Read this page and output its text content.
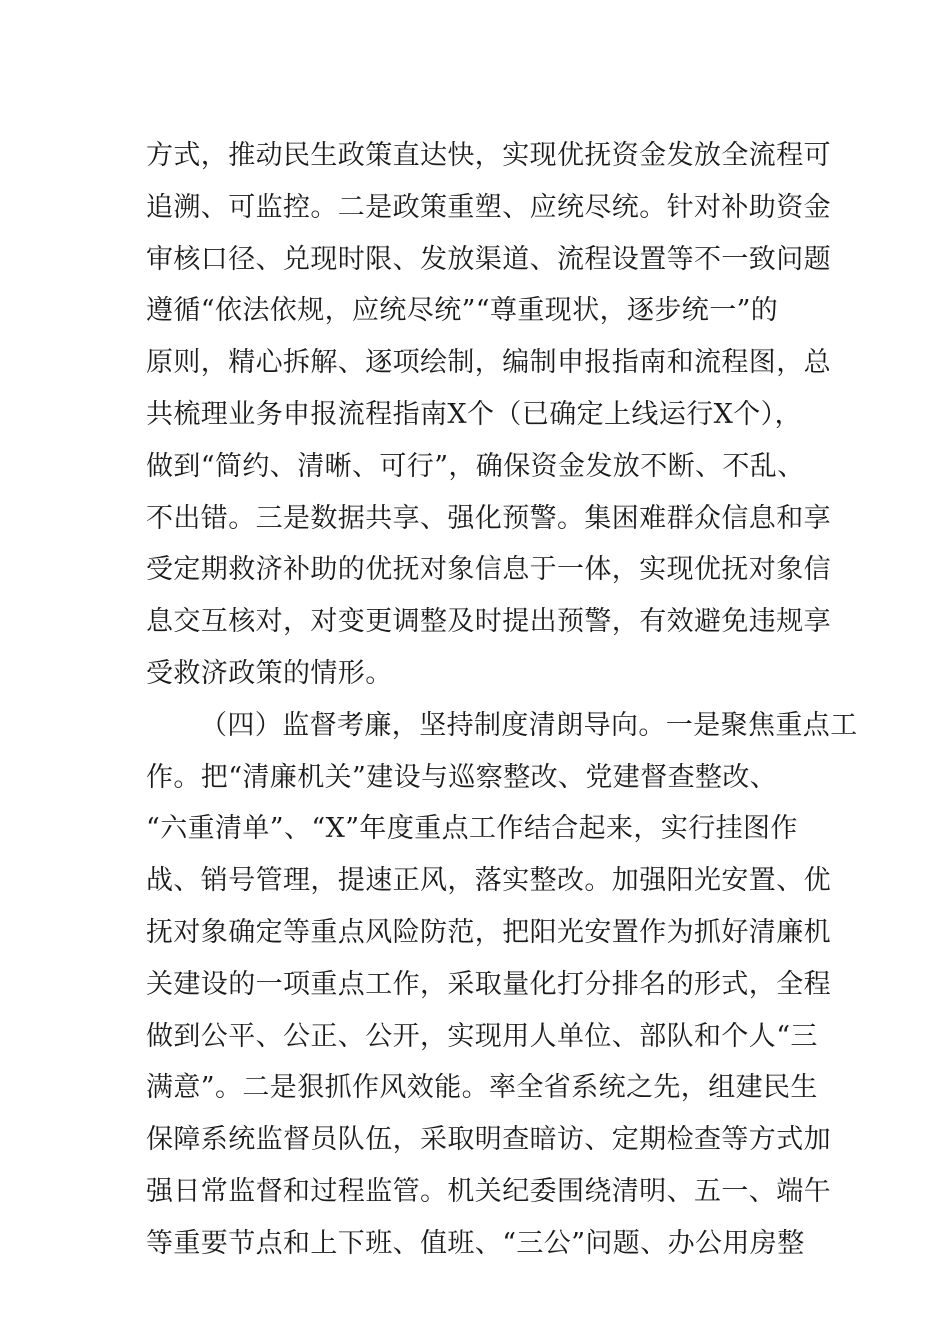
方式，推动民生政策直达快，实现优抚资金发放全流程可
追溯、可监控。二是政策重塑、应统尽统。针对补助资金
审核口径、兑现时限、发放渠道、流程设置等不一致问题
遵循“依法依规，应统尽统”“尊重现状，逐步统一”的
原则，精心拆解、逐项绘制，编制申报指南和流程图，总
共梳理业务申报流程指南X个（已确定上线运行X个），
做到“简约、清晰、可行”，确保资金发放不断、不乱、
不出错。三是数据共享、强化预警。集困难群众信息和享
受定期救济补助的优抚对象信息于一体，实现优抚对象信
息交互核对，对变更调整及时提出预警，有效避免违规享
受救济政策的情形。
（四）监督考廉，坚持制度清朗导向。一是聚焦重点工
作。把“清廉机关”建设与巡察整改、党建督查整改、
“六重清单”、“X”年度重点工作结合起来，实行挂图作
战、销号管理，提速正风，落实整改。加强阳光安置、优
抚对象确定等重点风险防范，把阳光安置作为抓好清廉机
关建设的一项重点工作，采取量化打分排名的形式，全程
做到公平、公正、公开，实现用人单位、部队和个人“三
满意”。二是狠抓作风效能。率全省系统之先，组建民生
保障系统监督员队伍，采取明查暗访、定期检查等方式加
强日常监督和过程监管。机关纪委围绕清明、五一、端午
等重要节点和上下班、值班、“三公”问题、办公用房整
